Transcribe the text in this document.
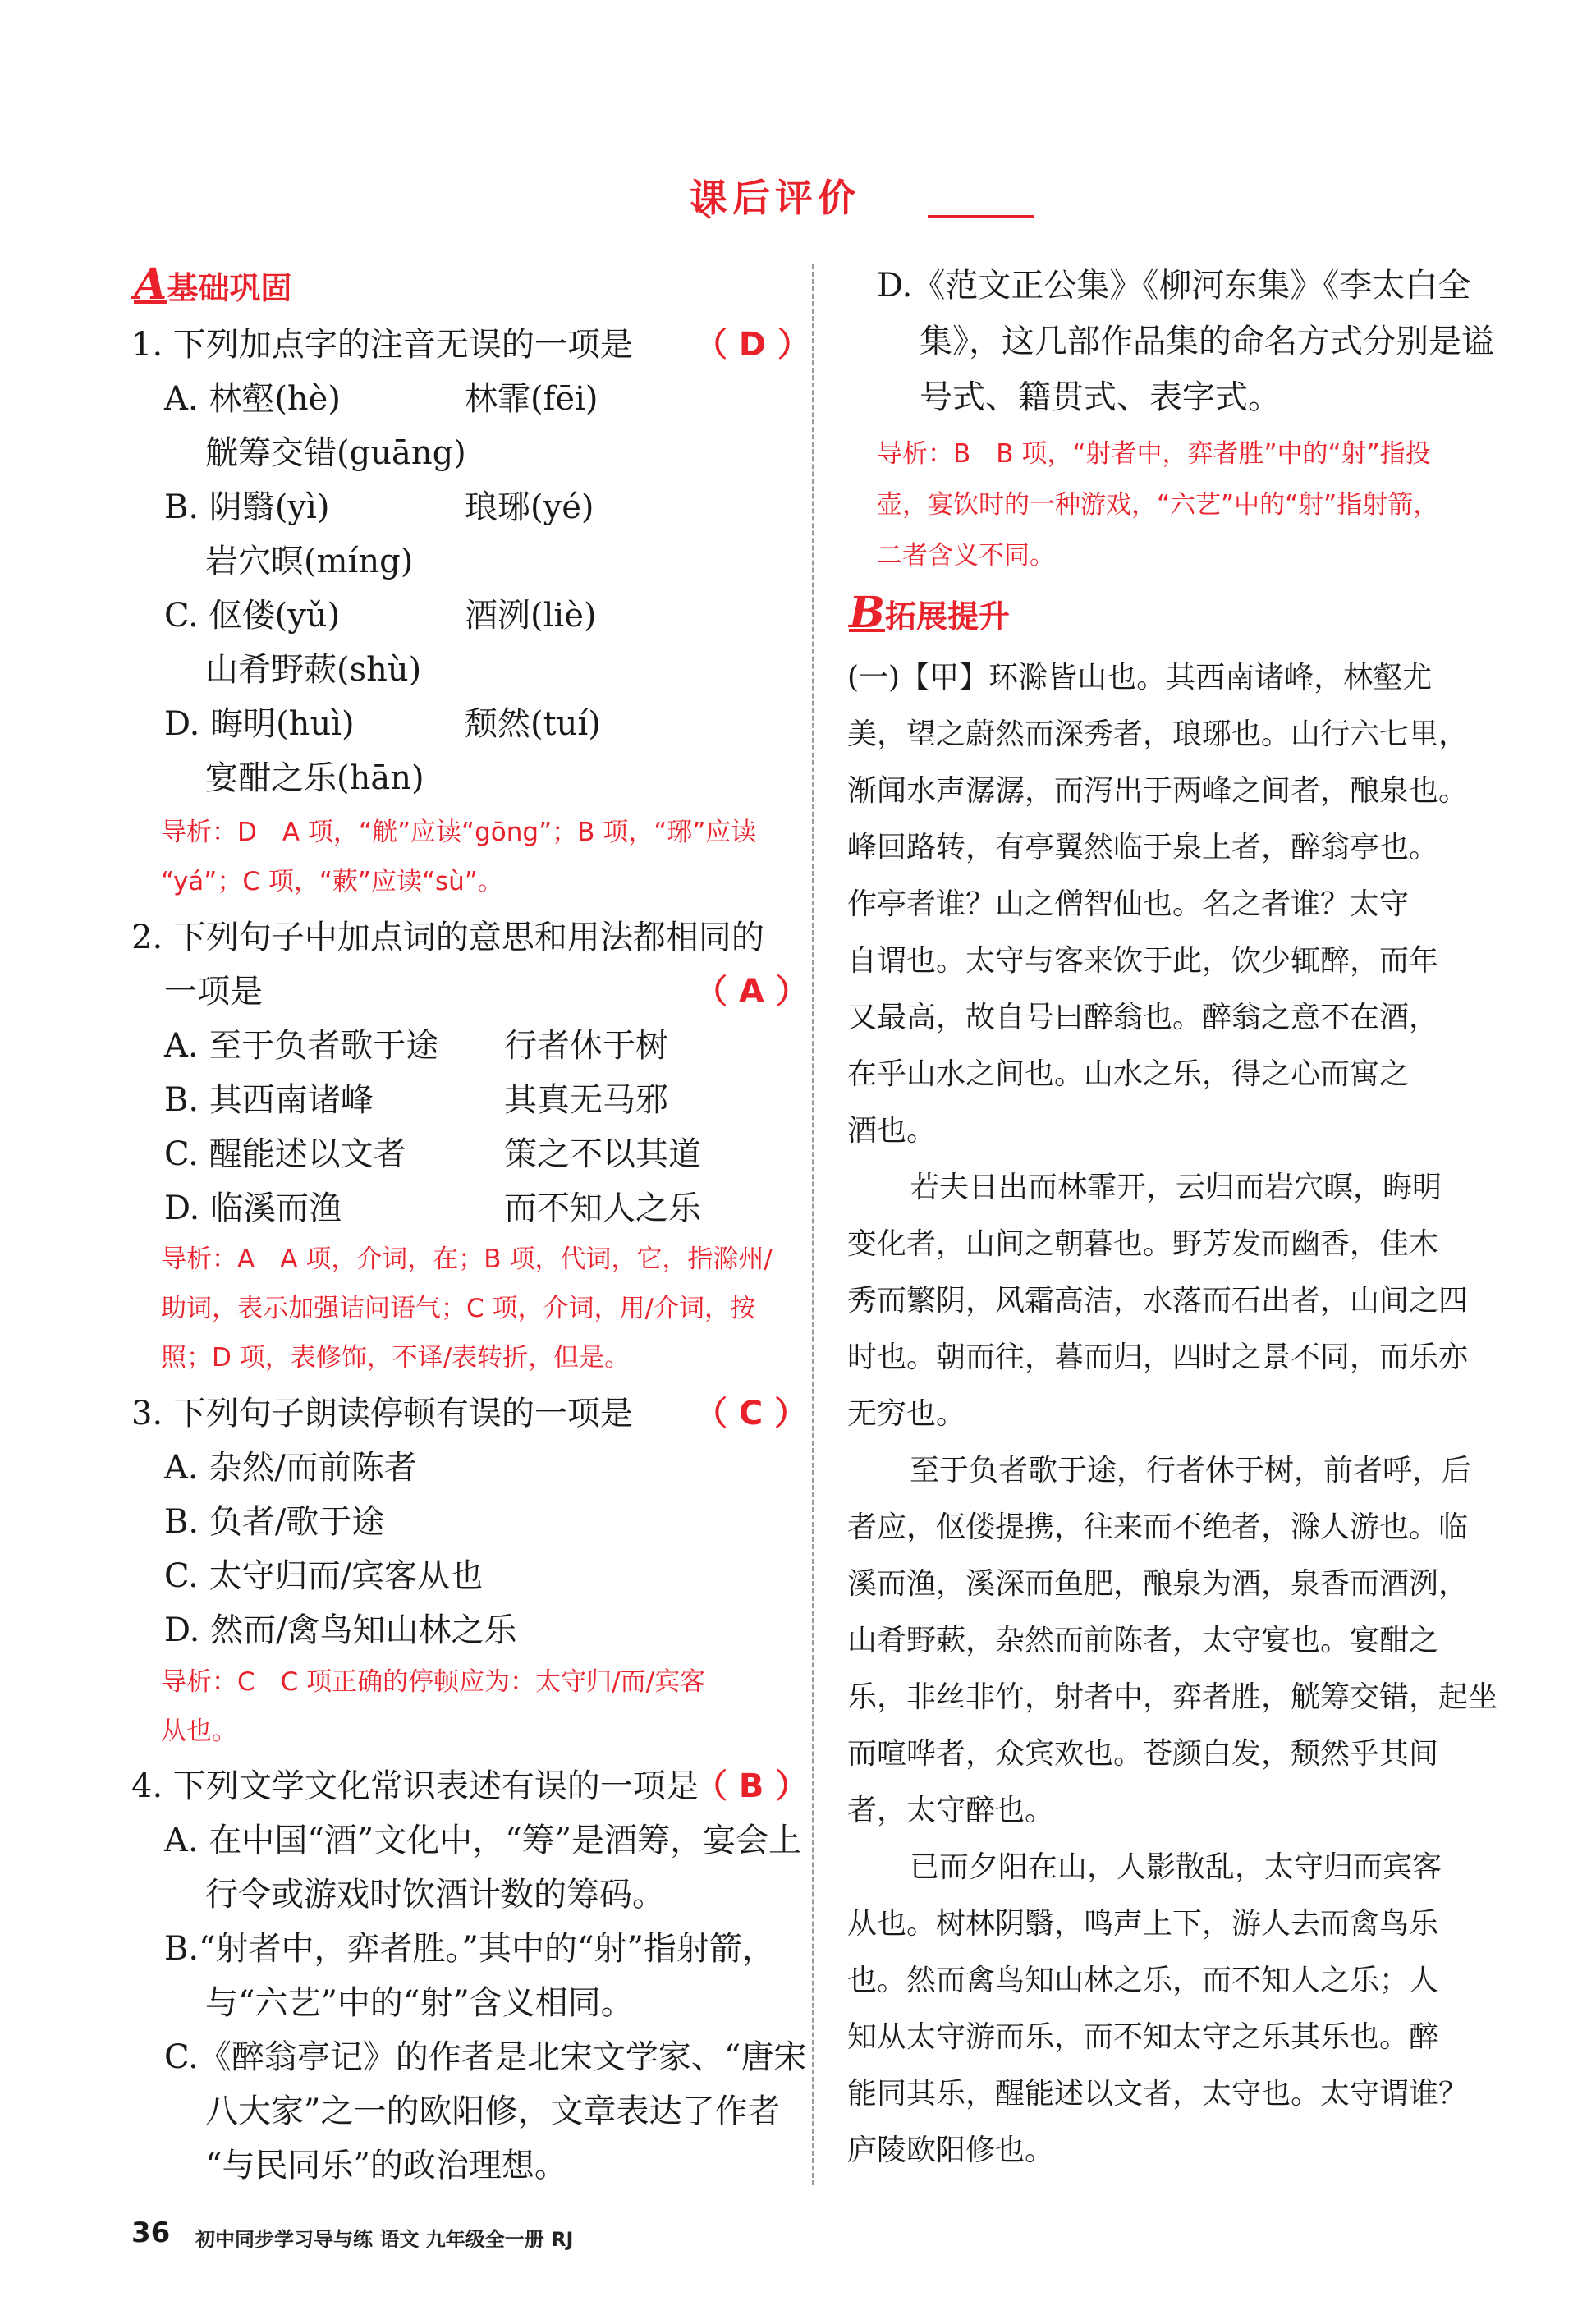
课后评价
A基础巩固
1. 下列加点字的注音无误的一项是 （ D ）
A. 林壑(hè)	林霏(fēi)
觥筹交错(guāng)
B. 阴翳(yì)	琅琊(yé)
岩穴暝(míng)
C. 伛偻(yǔ)	酒洌(liè)
山肴野蔌(shù)
D. 晦明(huì)	颓然(tuí)
宴酣之乐(hān)
导析：D　A 项，“觥”应读“gōng”；B 项，“琊”应读
“yá”；C 项，“蔌”应读“sù”。
2. 下列句子中加点词的意思和用法都相同的
一项是	（ A ）
A. 至于负者歌于途 行者休于树
B. 其西南诸峰	其真无马邪
C. 醒能述以文者	策之不以其道
D. 临溪而渔	而不知人之乐
导析：A　A 项，介词，在；B 项，代词，它，指滁州/
助词，表示加强诘问语气；C 项，介词，用/介词，按
照；D 项，表修饰，不译/表转折，但是。
3. 下列句子朗读停顿有误的一项是 （ C ）
A. 杂然/而前陈者
B. 负者/歌于途
C. 太守归而/宾客从也
D. 然而/禽鸟知山林之乐
导析：C　C 项正确的停顿应为：太守归/而/宾客
从也。
4. 下列文学文化常识表述有误的一项是
（ B ）
A. 在中国“酒”文化中，“筹”是酒筹，宴会上
行令或游戏时饮酒计数的筹码。
B.“射者中，弈者胜。”其中的“射”指射箭，
与“六艺”中的“射”含义相同。
C.《醉翁亭记》的作者是北宋文学家、“唐宋
八大家”之一的欧阳修，文章表达了作者
“与民同乐”的政治理想。
D.《范文正公集》《柳河东集》《李太白全
集》，这几部作品集的命名方式分别是谥
号式、籍贯式、表字式。
导析：B　B 项，“射者中，弈者胜”中的“射”指投
壶，宴饮时的一种游戏，“六艺”中的“射”指射箭，
二者含义不同。
B拓展提升
(一)【甲】环滁皆山也。其西南诸峰，林壑尤
美，望之蔚然而深秀者，琅琊也。山行六七里，
渐闻水声潺潺，而泻出于两峰之间者，酿泉也。
峰回路转，有亭翼然临于泉上者，醉翁亭也。
作亭者谁？山之僧智仙也。名之者谁？太守
自谓也。太守与客来饮于此，饮少辄醉，而年
又最高，故自号曰醉翁也。醉翁之意不在酒，
在乎山水之间也。山水之乐，得之心而寓之
酒也。
若夫日出而林霏开，云归而岩穴暝，晦明
变化者，山间之朝暮也。野芳发而幽香，佳木
秀而繁阴，风霜高洁，水落而石出者，山间之四
时也。朝而往，暮而归，四时之景不同，而乐亦
无穷也。
至于负者歌于途，行者休于树，前者呼，后
者应，伛偻提携，往来而不绝者，滁人游也。临
溪而渔，溪深而鱼肥，酿泉为酒，泉香而酒洌，
山肴野蔌，杂然而前陈者，太守宴也。宴酣之
乐，非丝非竹，射者中，弈者胜，觥筹交错，起坐
而喧哗者，众宾欢也。苍颜白发，颓然乎其间
者，太守醉也。
已而夕阳在山，人影散乱，太守归而宾客
从也。树林阴翳，鸣声上下，游人去而禽鸟乐
也。然而禽鸟知山林之乐，而不知人之乐；人
知从太守游而乐，而不知太守之乐其乐也。醉
能同其乐，醒能述以文者，太守也。太守谓谁？
庐陵欧阳修也。
36 初中同步学习导与练 语文 九年级全一册 RJ
